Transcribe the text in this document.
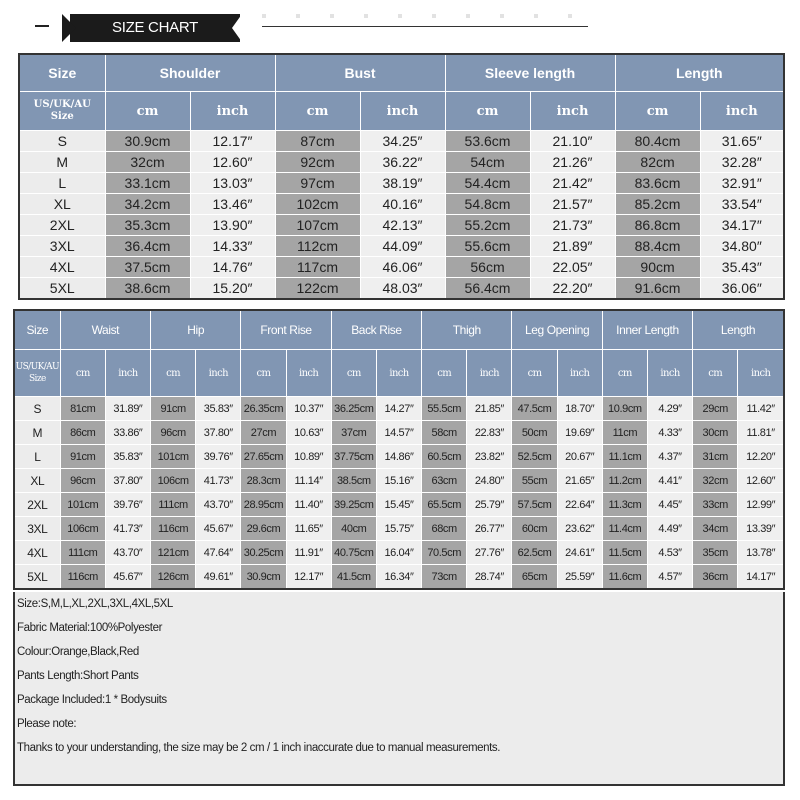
SIZE CHART
Size	Shoulder		Bust		Sleeve length		Length	
US/UK/AU
Size	cm	inch	cm	inch	cm	inch	cm	inch
S	30.9cm	12.17″	87cm	34.25″	53.6cm	21.10″	80.4cm	31.65″
M	32cm	12.60″	92cm	36.22″	54cm	21.26″	82cm	32.28″
L	33.1cm	13.03″	97cm	38.19″	54.4cm	21.42″	83.6cm	32.91″
XL	34.2cm	13.46″	102cm	40.16″	54.8cm	21.57″	85.2cm	33.54″
2XL	35.3cm	13.90″	107cm	42.13″	55.2cm	21.73″	86.8cm	34.17″
3XL	36.4cm	14.33″	112cm	44.09″	55.6cm	21.89″	88.4cm	34.80″
4XL	37.5cm	14.76″	117cm	46.06″	56cm	22.05″	90cm	35.43″
5XL	38.6cm	15.20″	122cm	48.03″	56.4cm	22.20″	91.6cm	36.06″
Size	Waist		Hip		Front Rise		Back Rise		Thigh		Leg Opening		Inner Length		Length	
US/UK/AU
Size	cm	inch	cm	inch	cm	inch	cm	inch	cm	inch	cm	inch	cm	inch	cm	inch
S	81cm	31.89″	91cm	35.83″	26.35cm	10.37″	36.25cm	14.27″	55.5cm	21.85″	47.5cm	18.70″	10.9cm	4.29″	29cm	11.42″
M	86cm	33.86″	96cm	37.80″	27cm	10.63″	37cm	14.57″	58cm	22.83″	50cm	19.69″	11cm	4.33″	30cm	11.81″
L	91cm	35.83″	101cm	39.76″	27.65cm	10.89″	37.75cm	14.86″	60.5cm	23.82″	52.5cm	20.67″	11.1cm	4.37″	31cm	12.20″
XL	96cm	37.80″	106cm	41.73″	28.3cm	11.14″	38.5cm	15.16″	63cm	24.80″	55cm	21.65″	11.2cm	4.41″	32cm	12.60″
2XL	101cm	39.76″	111cm	43.70″	28.95cm	11.40″	39.25cm	15.45″	65.5cm	25.79″	57.5cm	22.64″	11.3cm	4.45″	33cm	12.99″
3XL	106cm	41.73″	116cm	45.67″	29.6cm	11.65″	40cm	15.75″	68cm	26.77″	60cm	23.62″	11.4cm	4.49″	34cm	13.39″
4XL	111cm	43.70″	121cm	47.64″	30.25cm	11.91″	40.75cm	16.04″	70.5cm	27.76″	62.5cm	24.61″	11.5cm	4.53″	35cm	13.78″
5XL	116cm	45.67″	126cm	49.61″	30.9cm	12.17″	41.5cm	16.34″	73cm	28.74″	65cm	25.59″	11.6cm	4.57″	36cm	14.17″
Size:S,M,L,XL,2XL,3XL,4XL,5XL
Fabric Material:100%Polyester
Colour:Orange,Black,Red
Pants Length:Short Pants
Package Included:1 * Bodysuits
Please note:
Thanks to your understanding, the size may be 2 cm / 1 inch inaccurate due to manual measurements.
